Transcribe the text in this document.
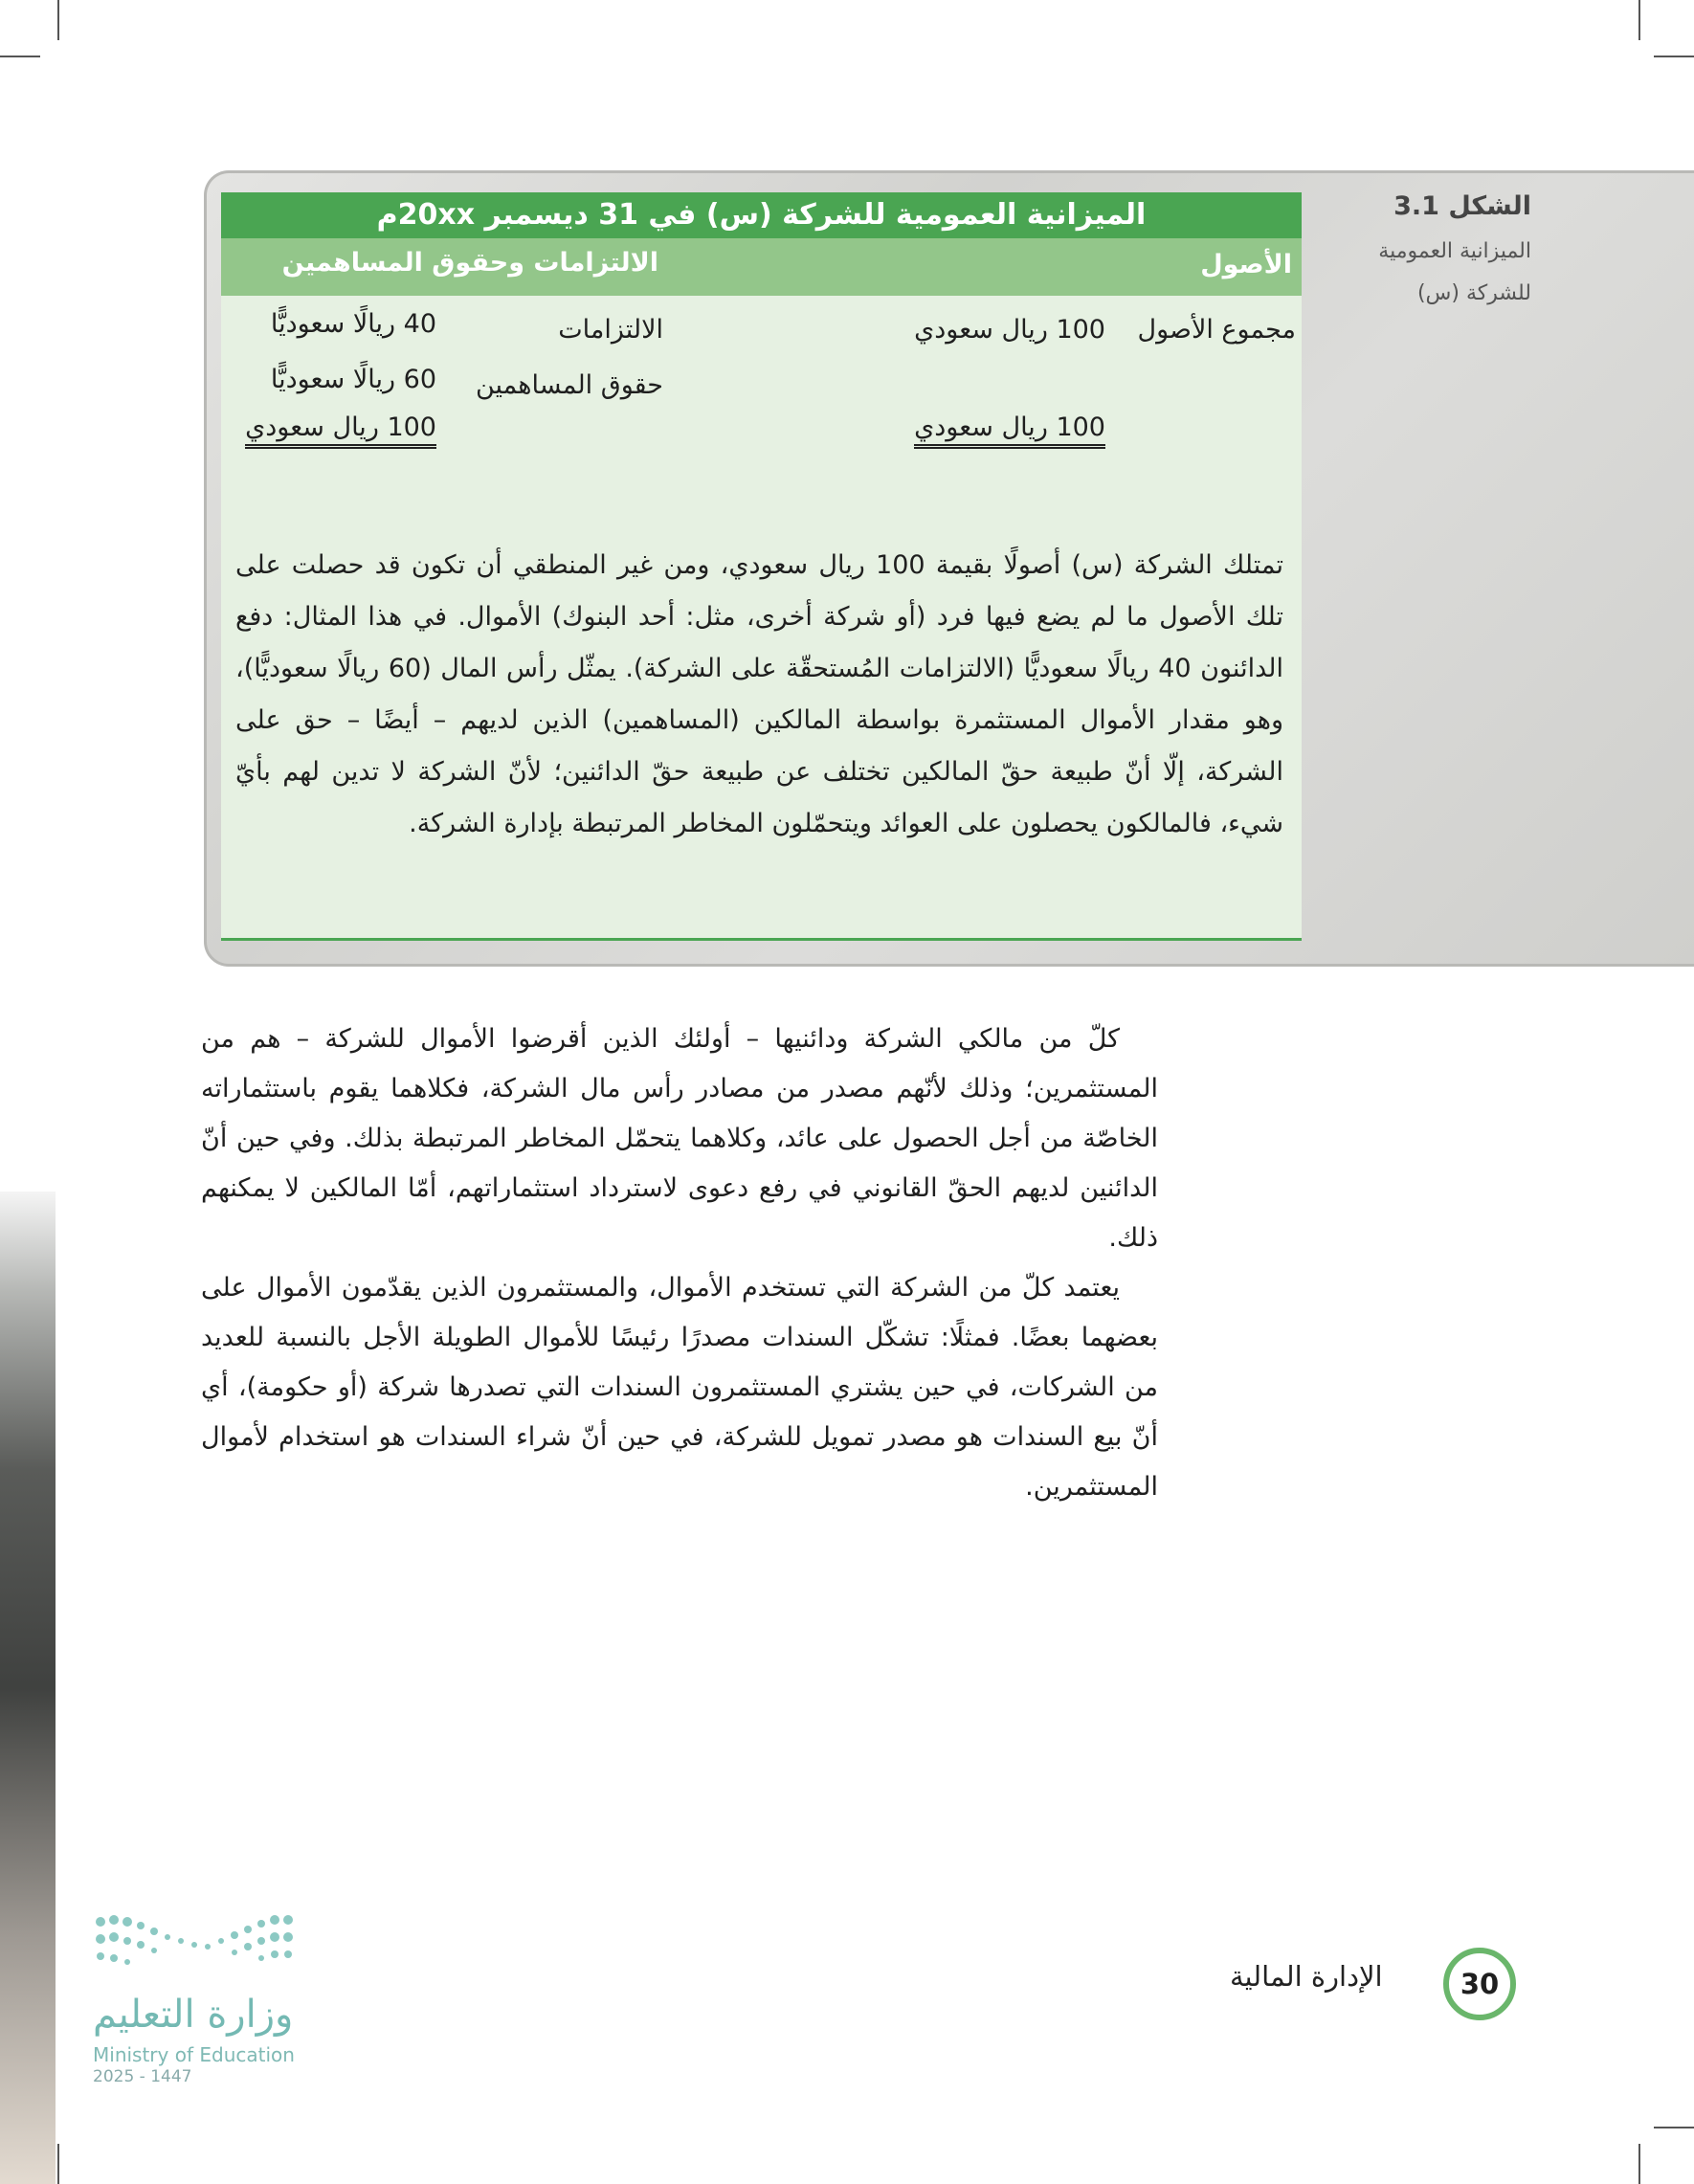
الشكل 3.1
الميزانية العمومية للشركة (س)
الميزانية العمومية للشركة (س) في 31 ديسمبر 20xxم
الأصول
الالتزامات وحقوق المساهمين
مجموع الأصول
100 ريال سعودي
100 ريال سعودي
الالتزامات
40 ريالًا سعوديًّا
حقوق المساهمين
60 ريالًا سعوديًّا
100 ريال سعودي
تمتلك الشركة (س) أصولًا بقيمة 100 ريال سعودي، ومن غير المنطقي أن تكون قد حصلت على تلك الأصول ما لم يضع فيها فرد (أو شركة أخرى، مثل: أحد البنوك) الأموال. في هذا المثال: دفع الدائنون 40 ريالًا سعوديًّا (الالتزامات المُستحقّة على الشركة). يمثّل رأس المال (60 ريالًا سعوديًّا)، وهو مقدار الأموال المستثمرة بواسطة المالكين (المساهمين) الذين لديهم – أيضًا – حق على الشركة، إلّا أنّ طبيعة حقّ المالكين تختلف عن طبيعة حقّ الدائنين؛ لأنّ الشركة لا تدين لهم بأيّ شيء، فالمالكون يحصلون على العوائد ويتحمّلون المخاطر المرتبطة بإدارة الشركة.

كلّ من مالكي الشركة ودائنيها – أولئك الذين أقرضوا الأموال للشركة – هم من المستثمرين؛ وذلك لأنّهم مصدر من مصادر رأس مال الشركة، فكلاهما يقوم باستثماراته الخاصّة من أجل الحصول على عائد، وكلاهما يتحمّل المخاطر المرتبطة بذلك. وفي حين أنّ الدائنين لديهم الحقّ القانوني في رفع دعوى لاسترداد استثماراتهم، أمّا المالكين لا يمكنهم ذلك.

يعتمد كلّ من الشركة التي تستخدم الأموال، والمستثمرون الذين يقدّمون الأموال على بعضهما بعضًا. فمثلًا: تشكّل السندات مصدرًا رئيسًا للأموال الطويلة الأجل بالنسبة للعديد من الشركات، في حين يشتري المستثمرون السندات التي تصدرها شركة (أو حكومة)، أي أنّ بيع السندات هو مصدر تمويل للشركة، في حين أنّ شراء السندات هو استخدام لأموال المستثمرين.

وزارة التعليم
Ministry of Education
2025 - 1447
الإدارة المالية	30
